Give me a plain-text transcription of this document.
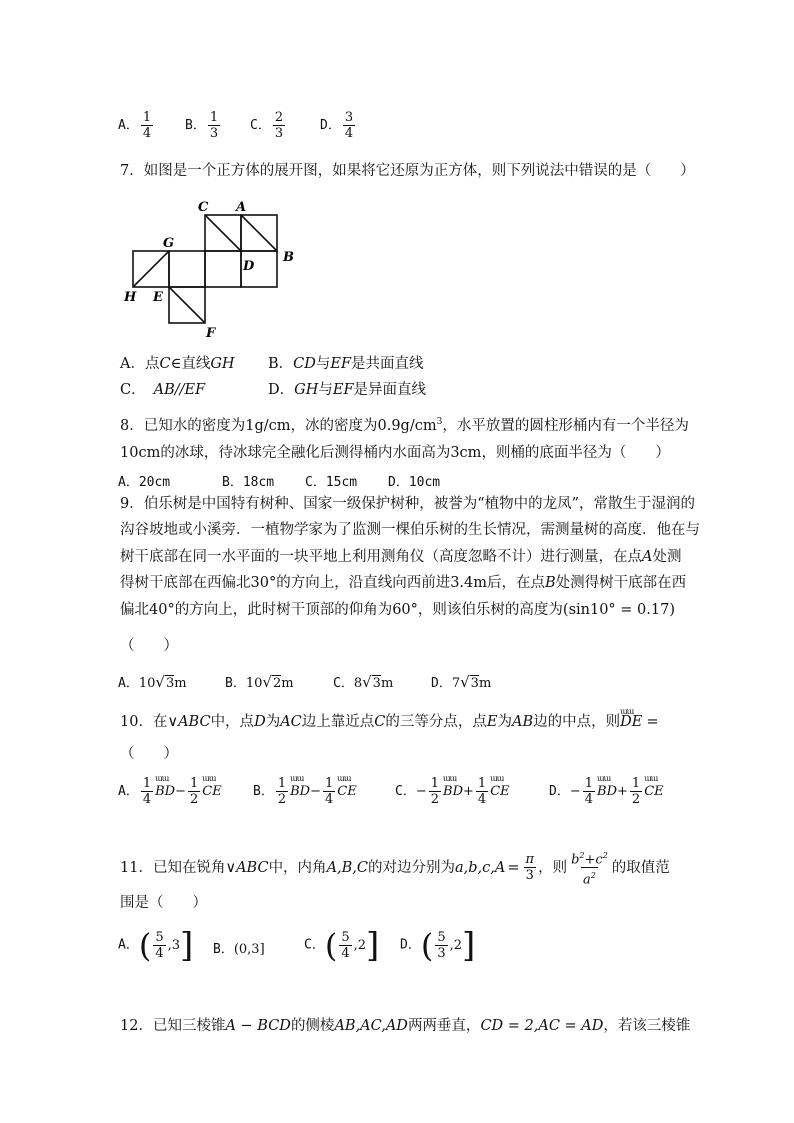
A． $\frac{1}{4}$ B． $\frac{1}{3}$ C． $\frac{2}{3}$	D． $\frac{3}{4}$
7．如图是一个正方体的展开图，如果将它还原为正方体，则下列说法中错误的是（　　）
C A
G
D
B
H E
F
A．点C∈直线GH B．CD与EF是共面直线
C． AB//EF	D．GH与EF是异面直线
8．已知水的密度为1g/cm，冰的密度为$0.9g/cm^3$，水平放置的圆柱形桶内有一个半径为
10cm的冰球，待冰球完全融化后测得桶内水面高为3cm，则桶的底面半径为（　　）
A．20cm	B．18cm C．15cm D．10cm
9．伯乐树是中国特有树种、国家一级保护树种，被誉为“植物中的龙凤”，常散生于湿润的
沟谷坡地或小溪旁．一植物学家为了监测一棵伯乐树的生长情况，需测量树的高度．他在与
树干底部在同一水平面的一块平地上利用测角仪（高度忽略不计）进行测量，在点A处测
得树干底部在西偏北30°的方向上，沿直线向西前进3.4m后，在点B处测得树干底部在西
偏北40°的方向上，此时树干顶部的仰角为60°，则该伯乐树的高度为(sin10° = 0.17)
（　　）
A．10√3m	B．10√2m	C．8√3m	D．7√3m
10．在∨ABC中，点D为AC边上靠近点C的三等分点，点E为AB边的中点，则
ɯɯ
DE =
（　　）
A． $\frac{1}{4}$ ɯɯ
$BD- \frac{1}{2}$ ɯɯ
CE B． $\frac{1}{2}$ ɯɯ
$BD- \frac{1}{4}$ ɯɯ
CE	C．− $\frac{1}{2}$ ɯɯ
$BD+ \frac{1}{4}$ ɯɯ
CE	D．− $\frac{1}{4}$ ɯɯ
$BD+ \frac{1}{2}$ ɯɯ
CE
11．已知在锐角∨ABC中，内角A,B,C的对边分别为$a,b,c,A = \frac{\pi}{3}$ ，则 $\frac{b^2+c^2}{a^2}$ 的取值范
围是（　　）
A．( $\frac{5}{4} ,3$] B．(0,3]	C．( $\frac{5}{4} ,2$] D．( $\frac{5}{3} ,2$]
12．已知三棱锥A − BCD的侧棱AB,AC,AD两两垂直，CD = 2,AC = AD，若该三棱锥
